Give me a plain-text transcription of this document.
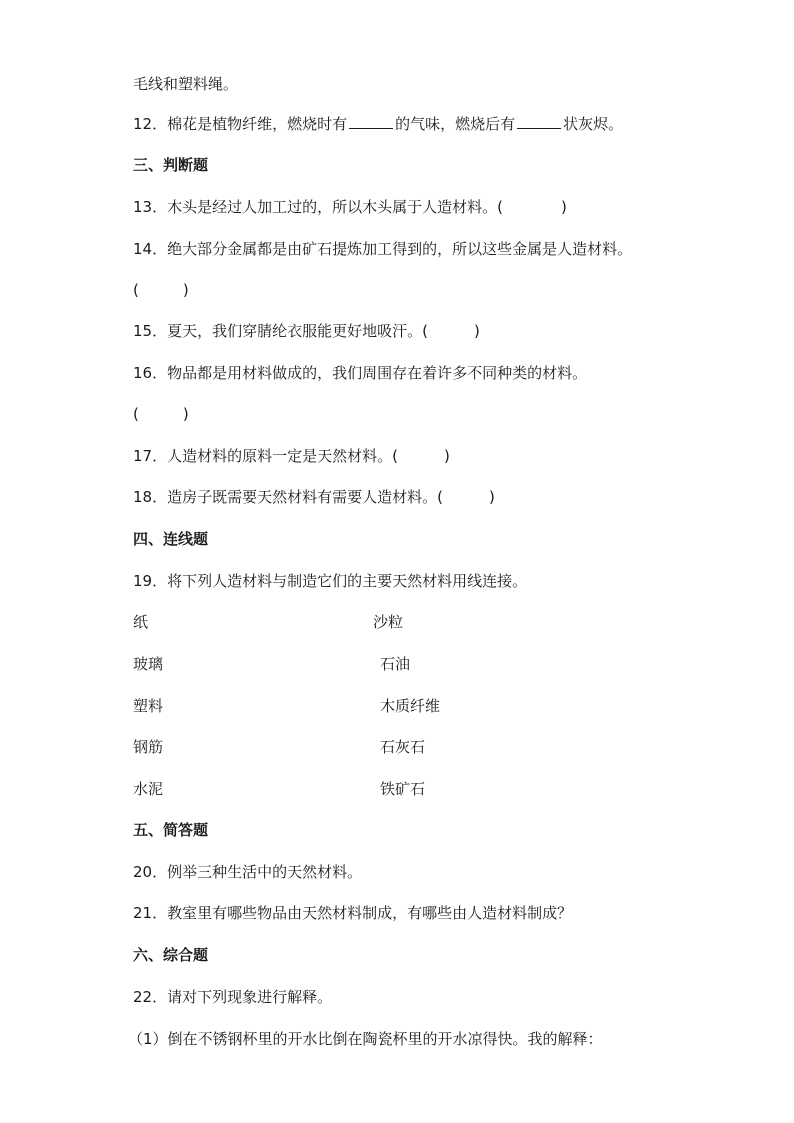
毛线和塑料绳。
12．棉花是植物纤维，燃烧时有	的气味，燃烧后有	状灰烬。
三、判断题
13．木头是经过人加工过的，所以木头属于人造材料。(	)
14．绝大部分金属都是由矿石提炼加工得到的，所以这些金属是人造材料。
(	)
15．夏天，我们穿腈纶衣服能更好地吸汗。(	)
16．物品都是用材料做成的，我们周围存在着许多不同种类的材料。
(	)
17．人造材料的原料一定是天然材料。(	)
18．造房子既需要天然材料有需要人造材料。(	)
四、连线题
19．将下列人造材料与制造它们的主要天然材料用线连接。
纸	沙粒
玻璃	石油
塑料	木质纤维
钢筋	石灰石
水泥	铁矿石
五、简答题
20．例举三种生活中的天然材料。
21．教室里有哪些物品由天然材料制成，有哪些由人造材料制成？
六、综合题
22．请对下列现象进行解释。
（1）倒在不锈钢杯里的开水比倒在陶瓷杯里的开水凉得快。我的解释：
